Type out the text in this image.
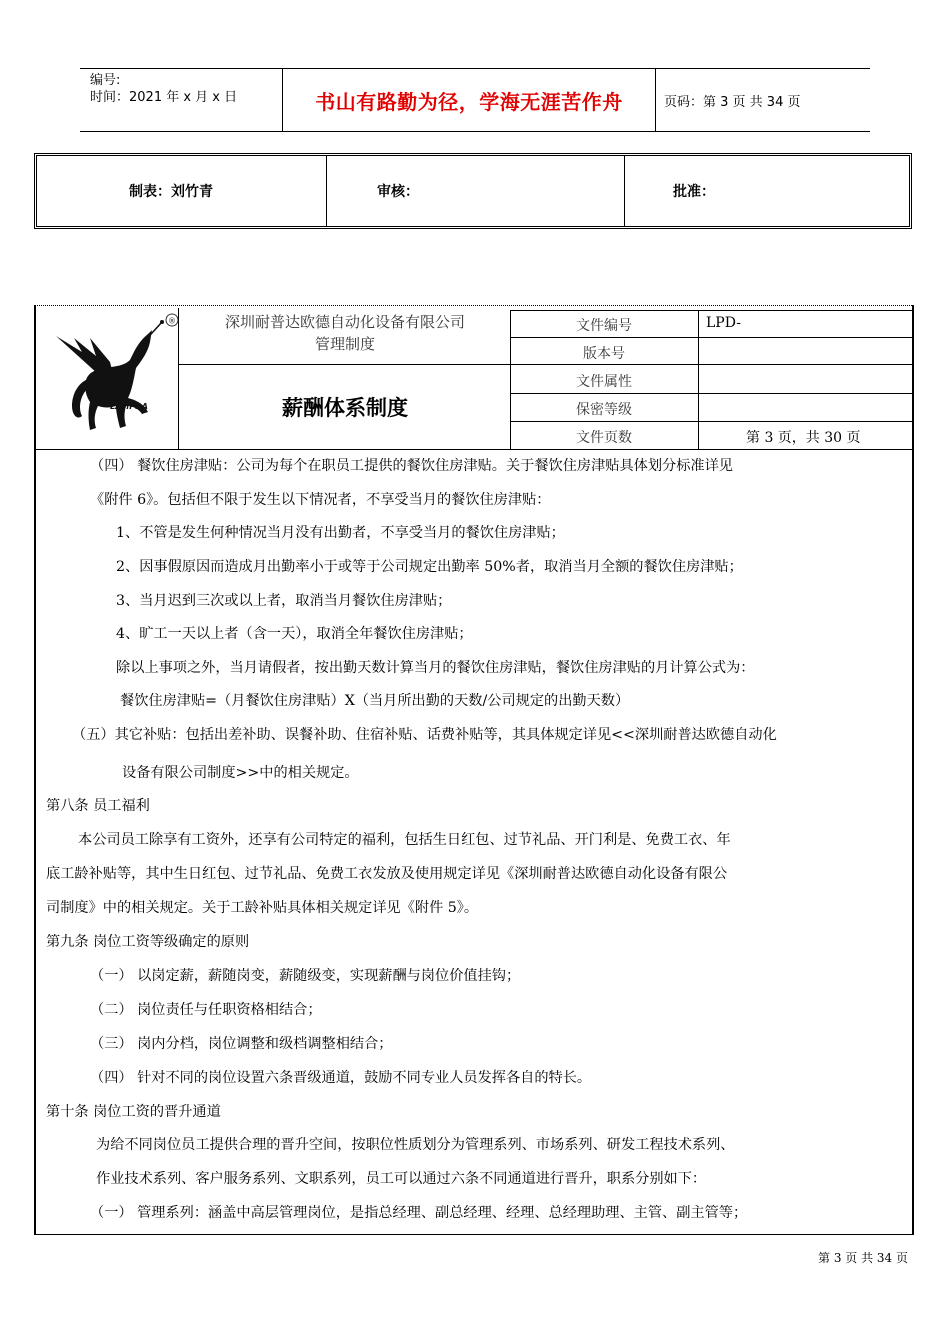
编号:
时间：2021 年 x 月 x 日	书山有路勤为径，学海无涯苦作舟	页码：第 3 页 共 34 页
制表：刘竹青	审核：	批准：
®
LAMPDA
深圳耐普达欧德自动化设备有限公司
管理制度
薪酬体系制度
文件编号	LPD-
版本号
文件属性
保密等级
文件页数	第 3 页，共 30 页

（四） 餐饮住房津贴：公司为每个在职员工提供的餐饮住房津贴。关于餐饮住房津贴具体划分标准详见

《附件 6》。包括但不限于发生以下情况者，不享受当月的餐饮住房津贴：

1、不管是发生何种情况当月没有出勤者，不享受当月的餐饮住房津贴；

2、因事假原因而造成月出勤率小于或等于公司规定出勤率 50%者，取消当月全额的餐饮住房津贴；

3、当月迟到三次或以上者，取消当月餐饮住房津贴；

4、旷工一天以上者（含一天），取消全年餐饮住房津贴；

除以上事项之外，当月请假者，按出勤天数计算当月的餐饮住房津贴，餐饮住房津贴的月计算公式为：

餐饮住房津贴=（月餐饮住房津贴）X（当月所出勤的天数/公司规定的出勤天数）

（五）其它补贴：包括出差补助、误餐补助、住宿补贴、话费补贴等，其具体规定详见<<深圳耐普达欧德自动化

设备有限公司制度>>中的相关规定。

第八条 员工福利

本公司员工除享有工资外，还享有公司特定的福利，包括生日红包、过节礼品、开门利是、免费工衣、年

底工龄补贴等，其中生日红包、过节礼品、免费工衣发放及使用规定详见《深圳耐普达欧德自动化设备有限公

司制度》中的相关规定。关于工龄补贴具体相关规定详见《附件 5》。

第九条 岗位工资等级确定的原则

（一） 以岗定薪，薪随岗变，薪随级变，实现薪酬与岗位价值挂钩；

（二） 岗位责任与任职资格相结合；

（三） 岗内分档，岗位调整和级档调整相结合；

（四） 针对不同的岗位设置六条晋级通道，鼓励不同专业人员发挥各自的特长。

第十条 岗位工资的晋升通道

为给不同岗位员工提供合理的晋升空间，按职位性质划分为管理系列、市场系列、研发工程技术系列、

作业技术系列、客户服务系列、文职系列，员工可以通过六条不同通道进行晋升，职系分别如下：

（一） 管理系列：涵盖中高层管理岗位，是指总经理、副总经理、经理、总经理助理、主管、副主管等；

第 3 页 共 34 页
